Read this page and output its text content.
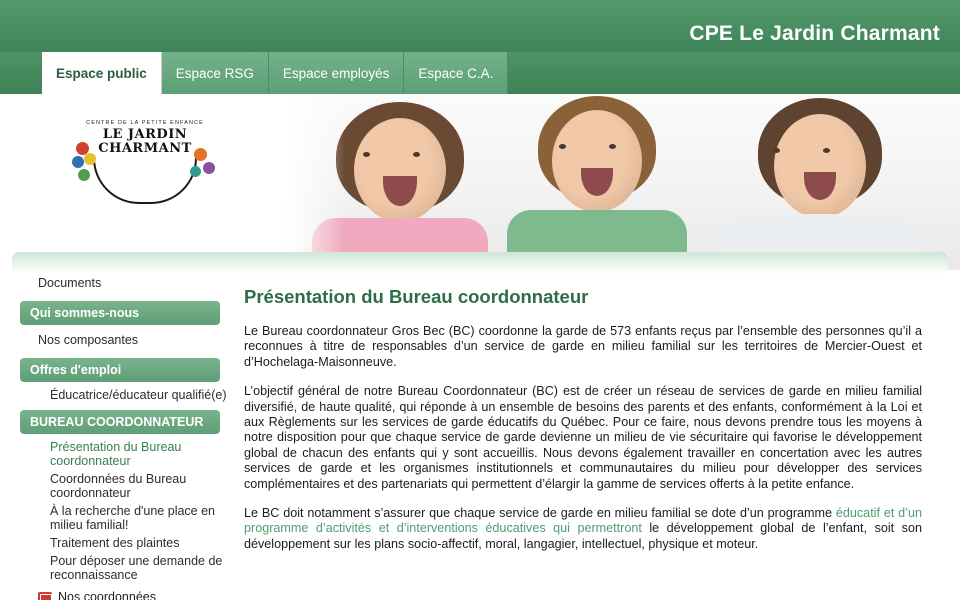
CPE Le Jardin Charmant
Espace public	Espace RSG	Espace employés	Espace C.A.
CENTRE DE LA PETITE ENFANCE
LE JARDIN
CHARMANT
Documents
Qui sommes-nous
Nos composantes
Offres d'emploi
Éducatrice/éducateur qualifié(e)
BUREAU COORDONNATEUR
Présentation du Bureau coordonnateur
Coordonnées du Bureau coordonnateur
À la recherche d'une place en milieu familial!
Traitement des plaintes
Pour déposer une demande de reconnaissance
Nos coordonnées
Présentation du Bureau coordonnateur

Le Bureau coordonnateur Gros Bec (BC) coordonne la garde de 573 enfants reçus par l’ensemble des personnes qu’il a reconnues à titre de responsables d’un service de garde en milieu familial sur les territoires de Mercier-Ouest et d’Hochelaga-Maisonneuve.

L’objectif général de notre Bureau Coordonnateur (BC) est de créer un réseau de services de garde en milieu familial diversifié, de haute qualité, qui réponde à un ensemble de besoins des parents et des enfants, conformément à la Loi et aux Règlements sur les services de garde éducatifs du Québec. Pour ce faire, nous devons prendre tous les moyens à notre disposition pour que chaque service de garde devienne un milieu de vie sécuritaire qui favorise le développement global de chacun des enfants qui y sont accueillis. Nous devons également travailler en concertation avec les autres services de garde et les organismes institutionnels et communautaires du milieu pour développer des services complémentaires et des partenariats qui permettent d’élargir la gamme de services offerts à la petite enfance.

Le BC doit notamment s’assurer que chaque service de garde en milieu familial se dote d’un programme éducatif et d’un programme d’activités et d’interventions éducatives qui permettront le développement global de l’enfant, soit son développement sur les plans socio-affectif, moral, langagier, intellectuel, physique et moteur.
